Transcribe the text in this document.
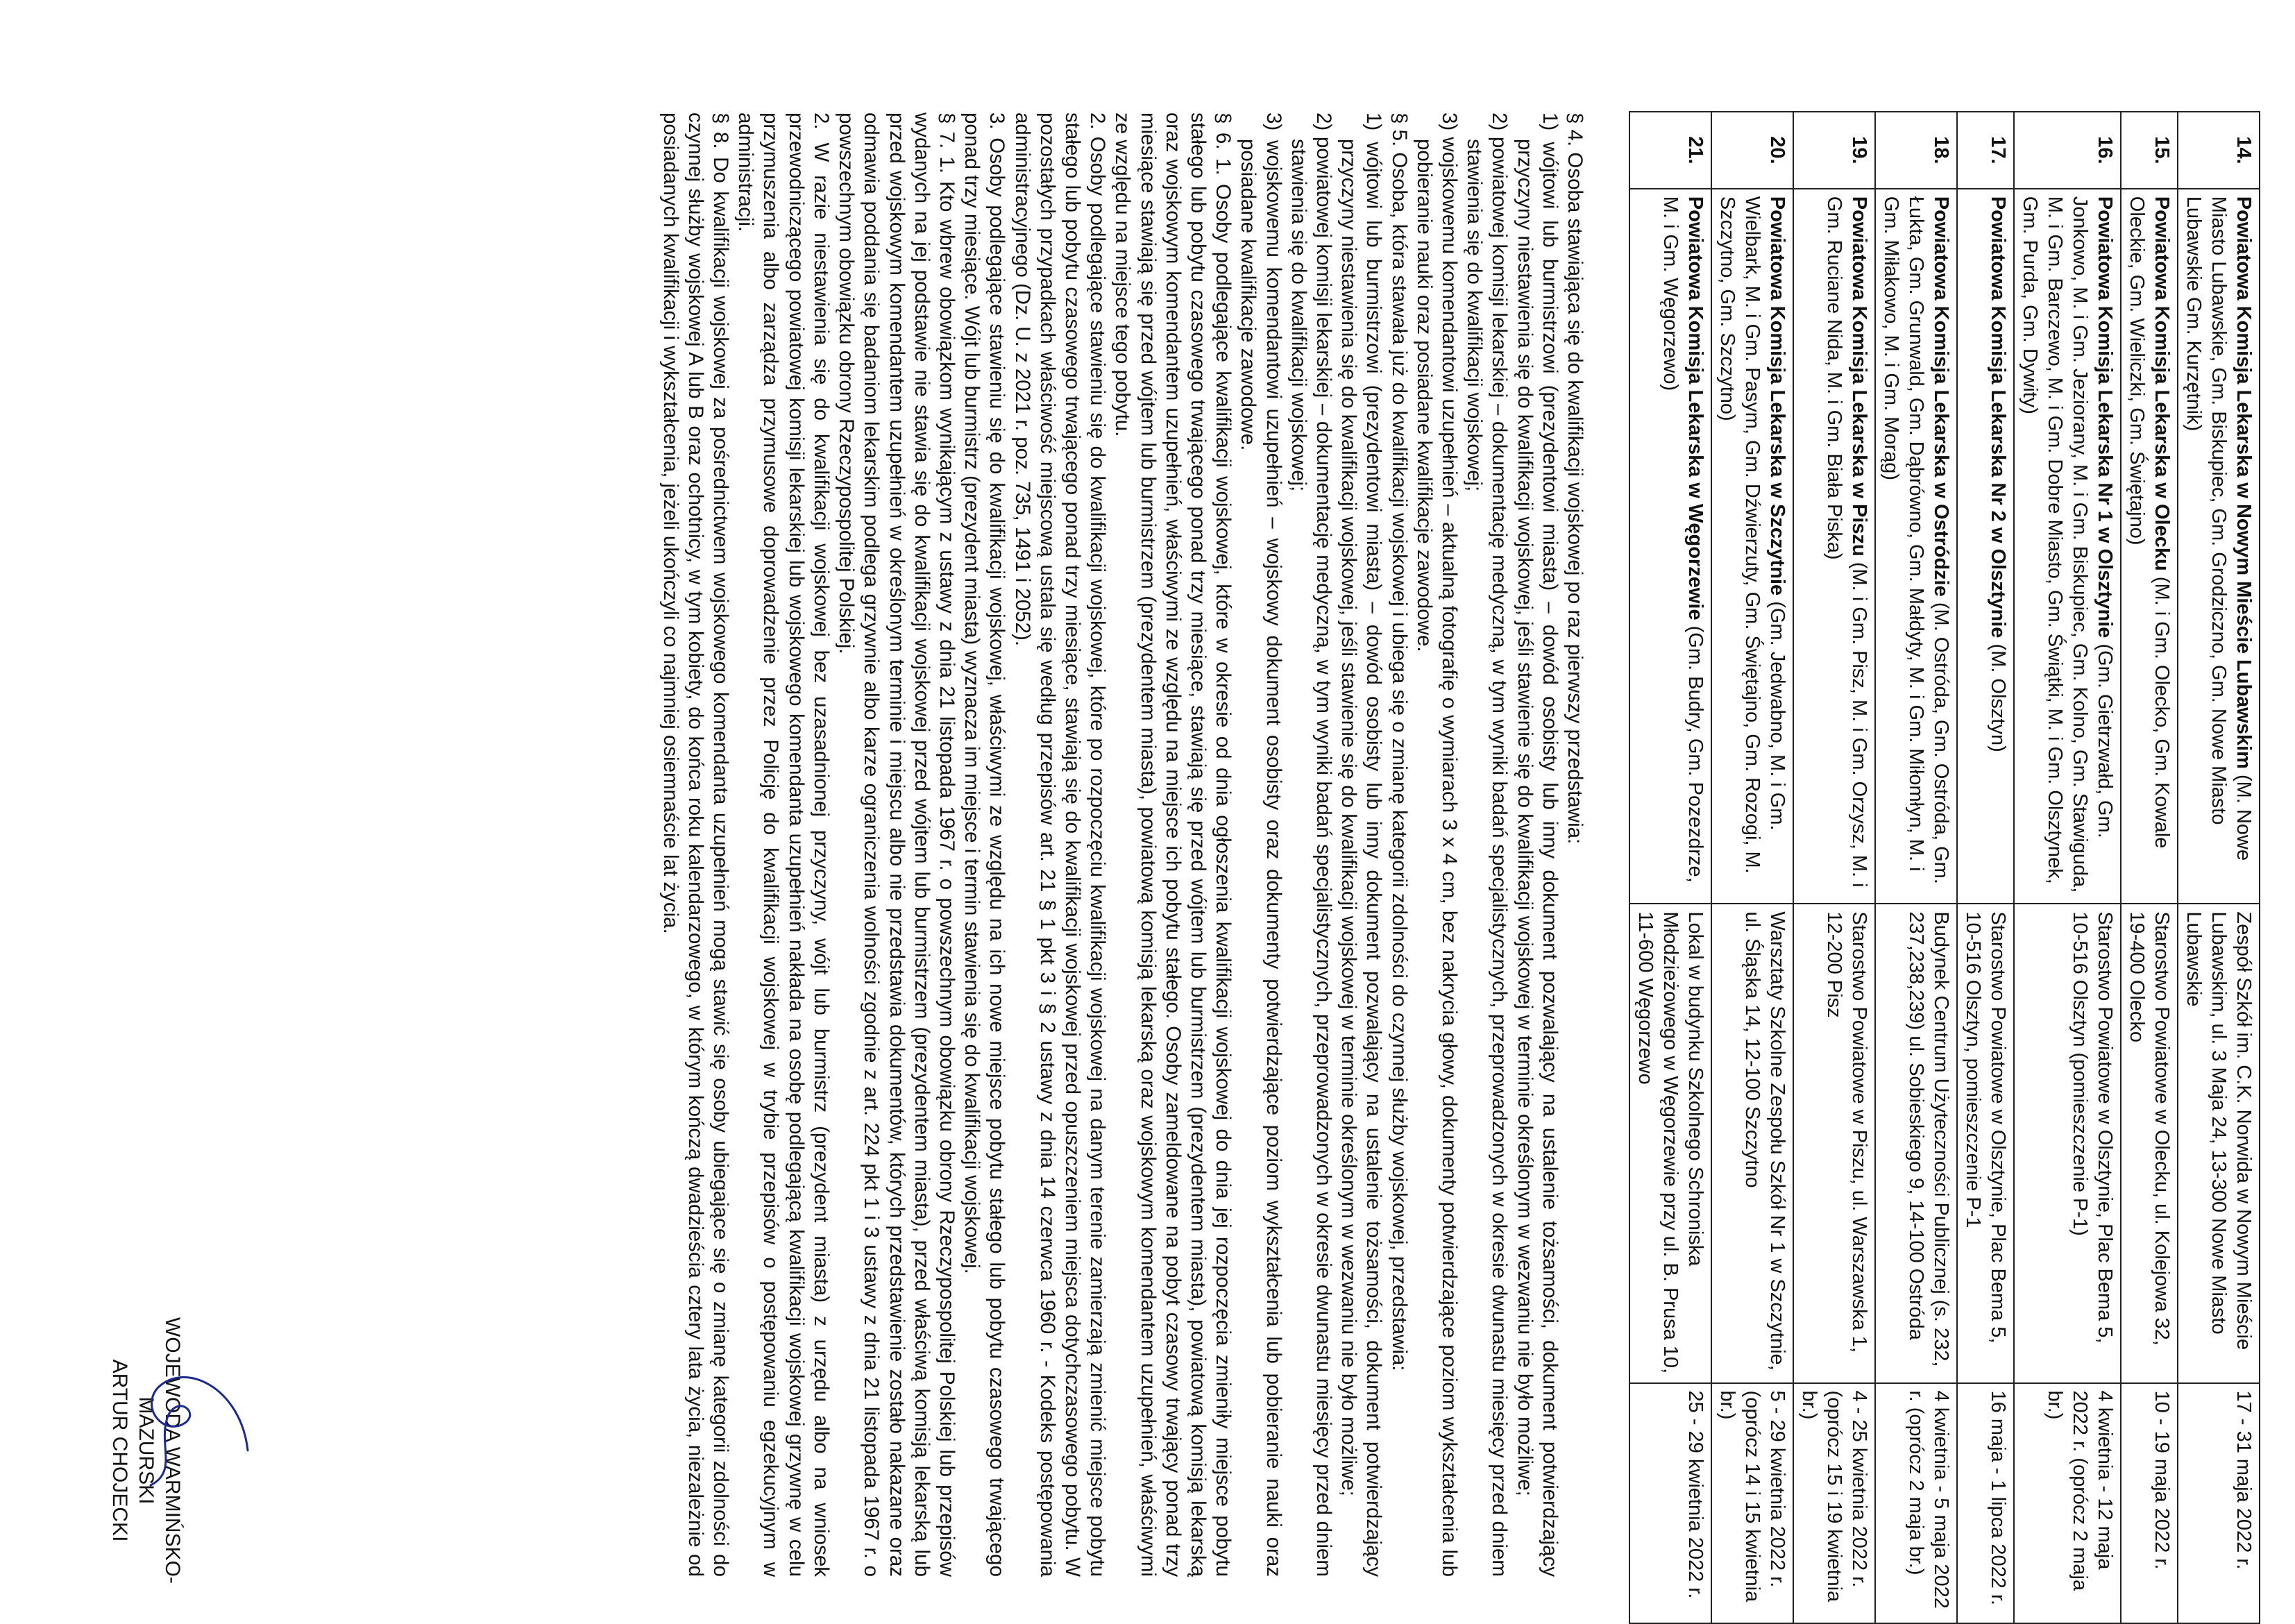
14.	Powiatowa Komisja Lekarska w Nowym Mieście Lubawskim (M. Nowe Miasto Lubawskie, Gm. Biskupiec, Gm. Grodziczno, Gm. Nowe Miasto Lubawskie Gm. Kurzętnik)	Zespół Szkół im. C.K. Norwida w Nowym Mieście Lubawskim, ul. 3 Maja 24, 13-300 Nowe Miasto Lubawskie	17 - 31 maja 2022 r.
15.	Powiatowa Komisja Lekarska w Olecku (M. i Gm. Olecko, Gm. Kowale Oleckie, Gm. Wieliczki, Gm. Świętajno)	Starostwo Powiatowe w Olecku, ul. Kolejowa 32, 19-400 Olecko	10 - 19 maja 2022 r.
16.	Powiatowa Komisja Lekarska Nr 1 w Olsztynie (Gm. Gietrzwałd, Gm. Jonkowo, M. i Gm. Jeziorany, M. i Gm. Biskupiec, Gm. Kolno, Gm. Stawiguda, M. i Gm. Barczewo, M. i Gm. Dobre Miasto, Gm. Świątki, M. i Gm. Olsztynek, Gm. Purda, Gm. Dywity)	Starostwo Powiatowe w Olsztynie, Plac Bema 5, 10-516 Olsztyn (pomieszczenie P-1)	4 kwietnia - 12 maja 2022 r. (oprócz 2 maja br.)
17.	Powiatowa Komisja Lekarska Nr 2 w Olsztynie (M. Olsztyn)	Starostwo Powiatowe w Olsztynie, Plac Bema 5, 10-516 Olsztyn, pomieszczenie P-1	16 maja - 1 lipca 2022 r.
18.	Powiatowa Komisja Lekarska w Ostródzie (M. Ostróda, Gm. Ostróda, Gm. Łukta, Gm. Grunwald, Gm. Dąbrówno, Gm. Małdyty, M. i Gm. Miłomłyn, M. i Gm. Miłakowo, M. i Gm. Morąg)	Budynek Centrum Użyteczności Publicznej (s. 232, 237,238,239) ul. Sobieskiego 9, 14-100 Ostróda	4 kwietnia - 5 maja 2022 r. (oprócz 2 maja br.)
19.	Powiatowa Komisja Lekarska w Piszu (M. i Gm. Pisz, M. i Gm. Orzysz, M. i Gm. Ruciane Nida, M. i Gm. Biała Piska)	Starostwo Powiatowe w Piszu, ul. Warszawska 1, 12-200 Pisz	4 - 25 kwietnia 2022 r. (oprócz 15 i 19 kwietnia br.)
20.	Powiatowa Komisja Lekarska w Szczytnie (Gm. Jedwabno, M. i Gm. Wielbark, M. i Gm. Pasym, Gm. Dźwierzuty, Gm. Świętajno, Gm. Rozogi, M. Szczytno, Gm. Szczytno)	Warsztaty Szkolne Zespołu Szkół Nr 1 w Szczytnie, ul. Śląska 14, 12-100 Szczytno	5 - 29 kwietnia 2022 r. (oprócz 14 i 15 kwietnia br.)
21.	Powiatowa Komisja Lekarska w Węgorzewie (Gm. Budry, Gm. Pozezdrze, M. i Gm. Węgorzewo)	Lokal w budynku Szkolnego Schroniska Młodzieżowego w Węgorzewie przy ul. B. Prusa 10, 11-600 Węgorzewo	25 - 29 kwietnia 2022 r.

§ 4. Osoba stawiająca się do kwalifikacji wojskowej po raz pierwszy przedstawia:

1) wójtowi lub burmistrzowi (prezydentowi miasta) – dowód osobisty lub inny dokument pozwalający na ustalenie tożsamości, dokument potwierdzający przyczyny niestawienia się do kwalifikacji wojskowej, jeśli stawienie się do kwalifikacji wojskowej w terminie określonym w wezwaniu nie było możliwe;

2) powiatowej komisji lekarskiej – dokumentację medyczną, w tym wyniki badań specjalistycznych, przeprowadzonych w okresie dwunastu miesięcy przed dniem stawienia się do kwalifikacji wojskowej;

3) wojskowemu komendantowi uzupełnień – aktualną fotografię o wymiarach 3 x 4 cm, bez nakrycia głowy, dokumenty potwierdzające poziom wykształcenia lub pobieranie nauki oraz posiadane kwalifikacje zawodowe.

§ 5. Osoba, która stawała już do kwalifikacji wojskowej i ubiega się o zmianę kategorii zdolności do czynnej służby wojskowej, przedstawia:

1) wójtowi lub burmistrzowi (prezydentowi miasta) – dowód osobisty lub inny dokument pozwalający na ustalenie tożsamości, dokument potwierdzający przyczyny niestawienia się do kwalifikacji wojskowej, jeśli stawienie się do kwalifikacji wojskowej w terminie określonym w wezwaniu nie było możliwe;

2) powiatowej komisji lekarskiej – dokumentację medyczną, w tym wyniki badań specjalistycznych, przeprowadzonych w okresie dwunastu miesięcy przed dniem stawienia się do kwalifikacji wojskowej;

3) wojskowemu komendantowi uzupełnień – wojskowy dokument osobisty oraz dokumenty potwierdzające poziom wykształcenia lub pobieranie nauki oraz posiadane kwalifikacje zawodowe.

§ 6. 1. Osoby podlegające kwalifikacji wojskowej, które w okresie od dnia ogłoszenia kwalifikacji wojskowej do dnia jej rozpoczęcia zmieniły miejsce pobytu stałego lub pobytu czasowego trwającego ponad trzy miesiące, stawiają się przed wójtem lub burmistrzem (prezydentem miasta), powiatową komisją lekarską oraz wojskowym komendantem uzupełnień, właściwymi ze względu na miejsce ich pobytu stałego. Osoby zameldowane na pobyt czasowy trwający ponad trzy miesiące stawiają się przed wójtem lub burmistrzem (prezydentem miasta), powiatową komisją lekarską oraz wojskowym komendantem uzupełnień, właściwymi ze względu na miejsce tego pobytu.

2. Osoby podlegające stawieniu się do kwalifikacji wojskowej, które po rozpoczęciu kwalifikacji wojskowej na danym terenie zamierzają zmienić miejsce pobytu stałego lub pobytu czasowego trwającego ponad trzy miesiące, stawiają się do kwalifikacji wojskowej przed opuszczeniem miejsca dotychczasowego pobytu. W pozostałych przypadkach właściwość miejscową ustala się według przepisów art. 21 § 1 pkt 3 i § 2 ustawy z dnia 14 czerwca 1960 r. - Kodeks postępowania administracyjnego (Dz. U. z 2021 r. poz. 735, 1491 i 2052).

3. Osoby podlegające stawieniu się do kwalifikacji wojskowej, właściwymi ze względu na ich nowe miejsce pobytu stałego lub pobytu czasowego trwającego ponad trzy miesiące. Wójt lub burmistrz (prezydent miasta) wyznacza im miejsce i termin stawienia się do kwalifikacji wojskowej.

§ 7. 1. Kto wbrew obowiązkom wynikającym z ustawy z dnia 21 listopada 1967 r. o powszechnym obowiązku obrony Rzeczypospolitej Polskiej lub przepisów wydanych na jej podstawie nie stawia się do kwalifikacji wojskowej przed wójtem lub burmistrzem (prezydentem miasta), przed właściwą komisją lekarską lub przed wojskowym komendantem uzupełnień w określonym terminie i miejscu albo nie przedstawia dokumentów, których przedstawienie zostało nakazane oraz odmawia poddania się badaniom lekarskim podlega grzywnie albo karze ograniczenia wolności zgodnie z art. 224 pkt 1 i 3 ustawy z dnia 21 listopada 1967 r. o powszechnym obowiązku obrony Rzeczypospolitej Polskiej.

2. W razie niestawienia się do kwalifikacji wojskowej bez uzasadnionej przyczyny, wójt lub burmistrz (prezydent miasta) z urzędu albo na wniosek przewodniczącego powiatowej komisji lekarskiej lub wojskowego komendanta uzupełnień nakłada na osobę podlegającą kwalifikacji wojskowej grzywnę w celu przymuszenia albo zarządza przymusowe doprowadzenie przez Policję do kwalifikacji wojskowej w trybie przepisów o postępowaniu egzekucyjnym w administracji.

§ 8. Do kwalifikacji wojskowej za pośrednictwem wojskowego komendanta uzupełnień mogą stawić się osoby ubiegające się o zmianę kategorii zdolności do czynnej służby wojskowej A lub B oraz ochotnicy, w tym kobiety, do końca roku kalendarzowego, w którym kończą dwadzieścia cztery lata życia, niezależnie od posiadanych kwalifikacji i wykształcenia, jeżeli ukończyli co najmniej osiemnaście lat życia.

WOJEWODA WARMIŃSKO-MAZURSKI
ARTUR CHOJECKI
